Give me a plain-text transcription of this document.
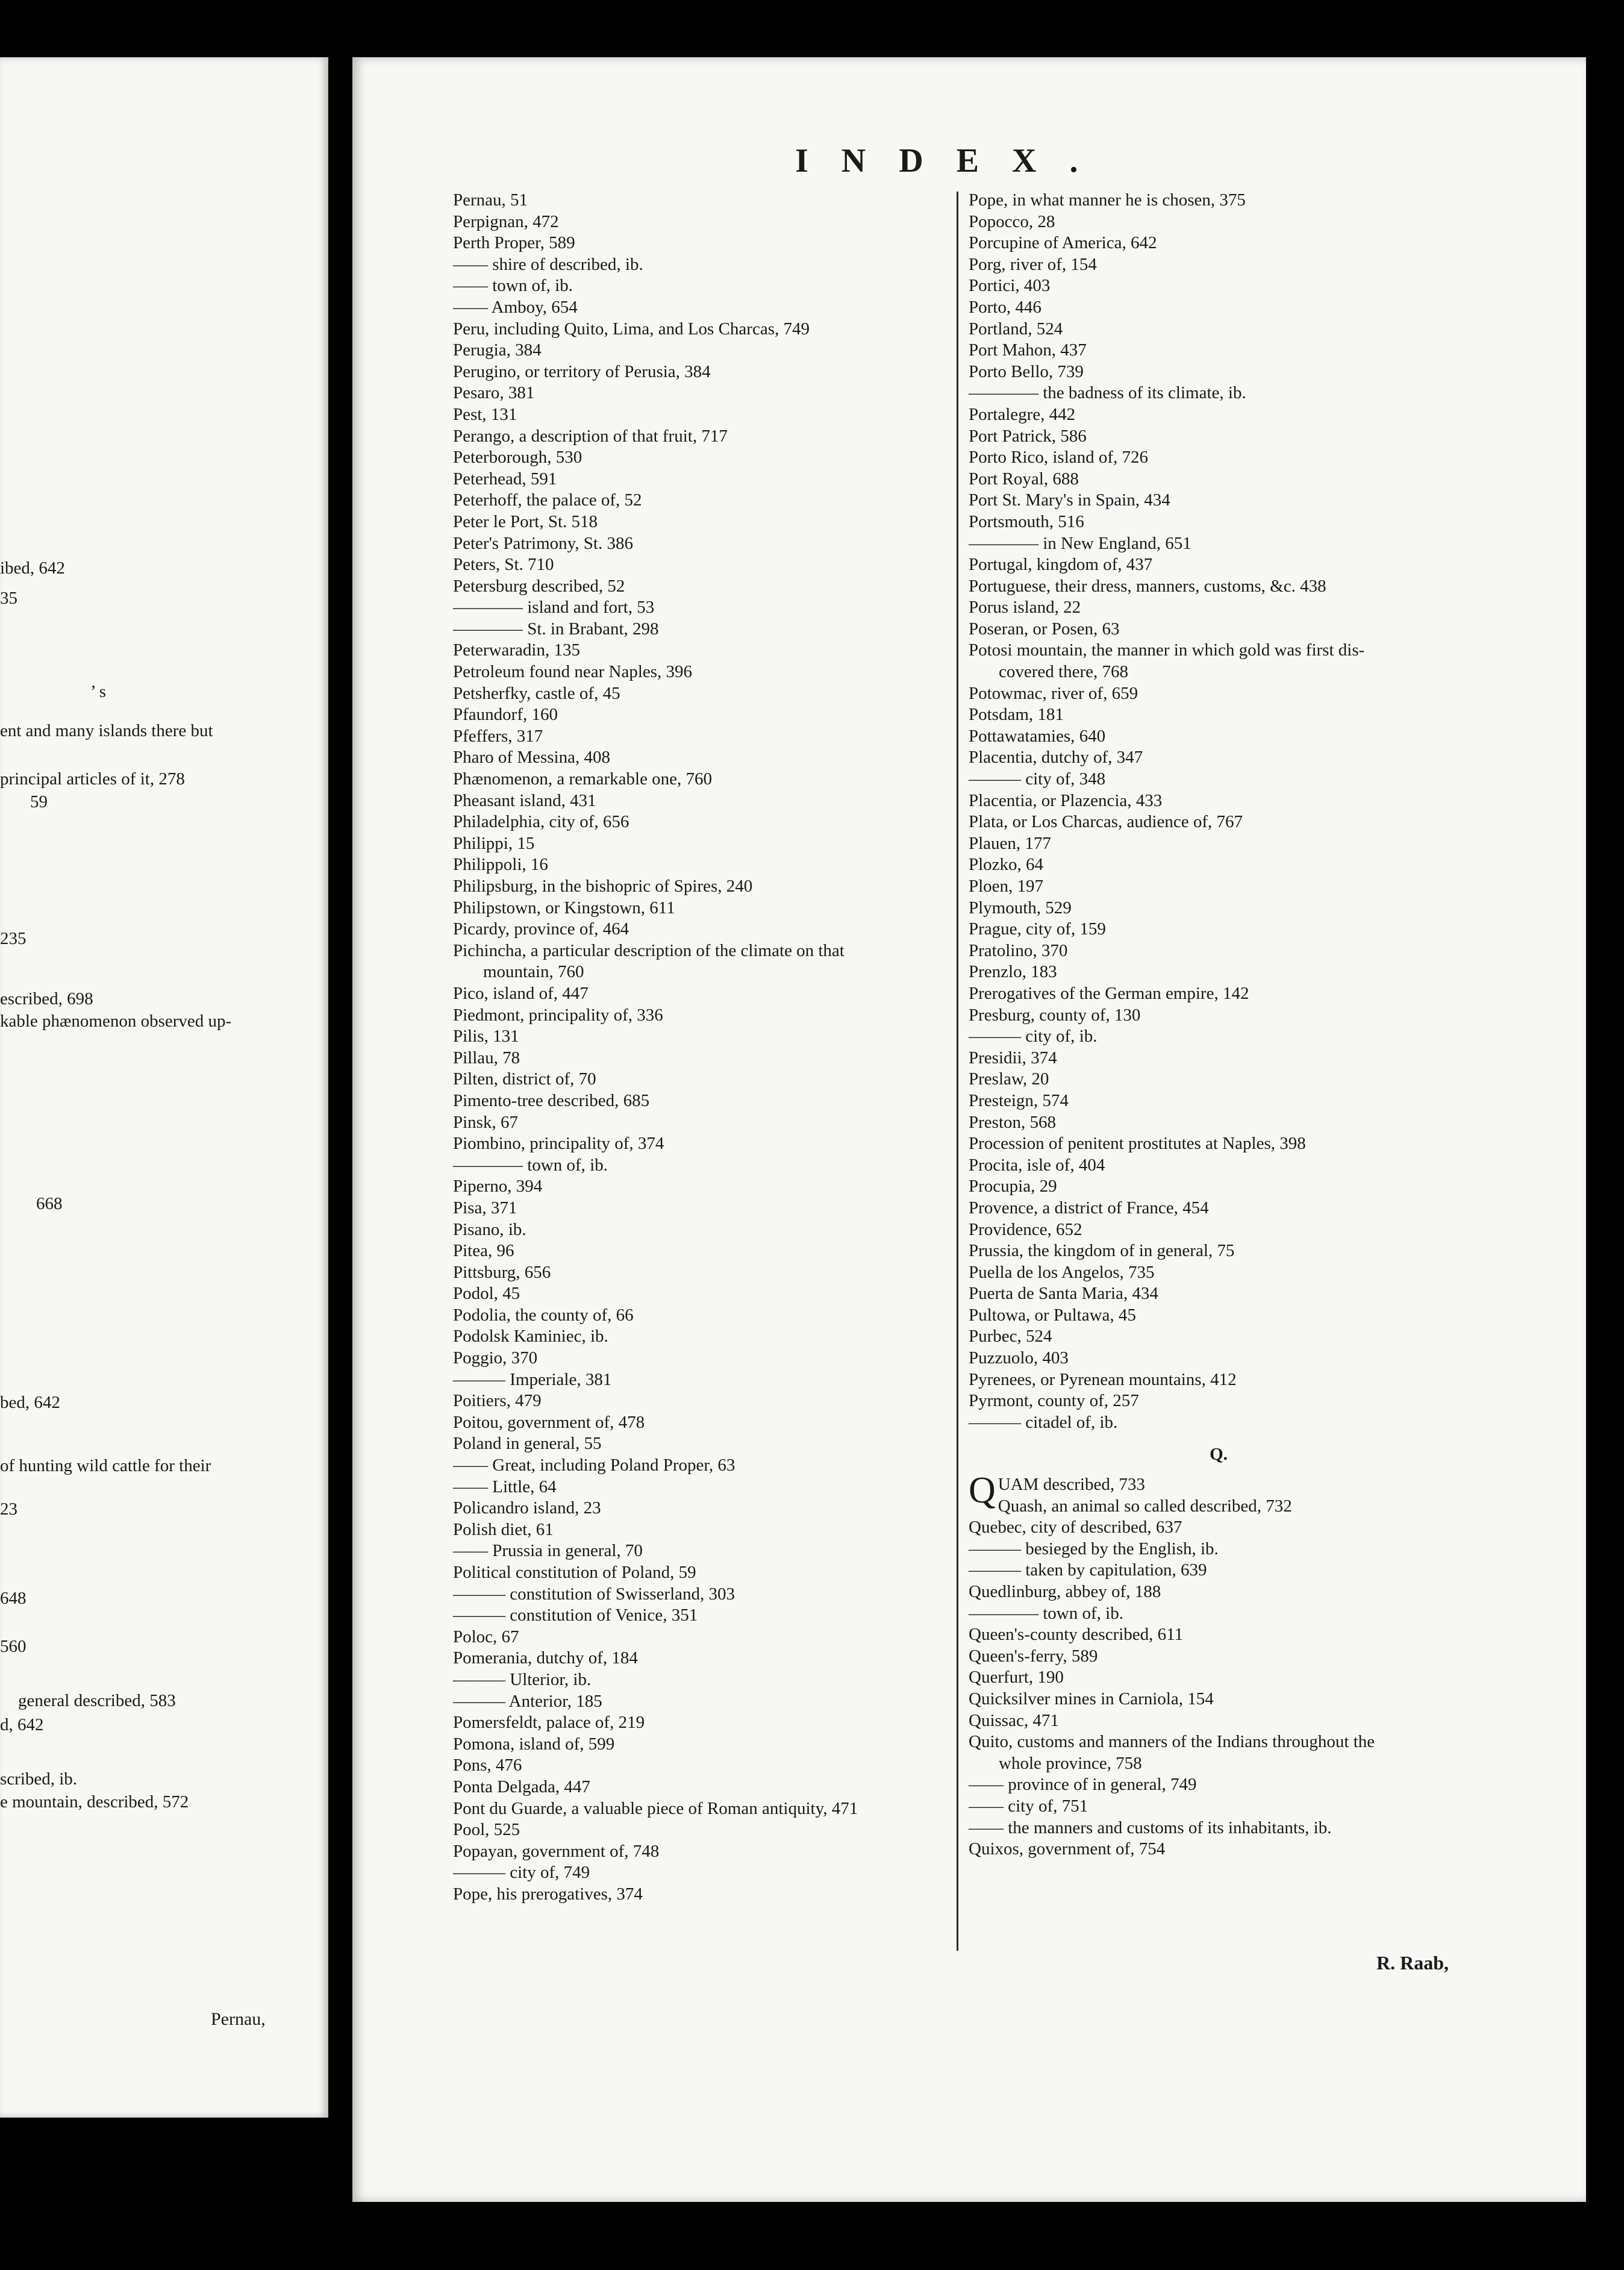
ibed, 642
35
’ s
ent and many islands there but
principal articles of it, 278
59
235
escribed, 698
kable phænomenon observed up-
668
bed, 642
of hunting wild cattle for their
23
648
560
general described, 583
d, 642
scribed, ib.
e mountain, described, 572
Pernau,
INDEX.
Pernau, 51
Perpignan, 472
Perth Proper, 589
—— shire of described, ib.
—— town of, ib.
—— Amboy, 654
Peru, including Quito, Lima, and Los Charcas, 749
Perugia, 384
Perugino, or territory of Perusia, 384
Pesaro, 381
Pest, 131
Perango, a description of that fruit, 717
Peterborough, 530
Peterhead, 591
Peterhoff, the palace of, 52
Peter le Port, St. 518
Peter's Patrimony, St. 386
Peters, St. 710
Petersburg described, 52
———— island and fort, 53
———— St. in Brabant, 298
Peterwaradin, 135
Petroleum found near Naples, 396
Petsherfky, castle of, 45
Pfaundorf, 160
Pfeffers, 317
Pharo of Messina, 408
Phænomenon, a remarkable one, 760
Pheasant island, 431
Philadelphia, city of, 656
Philippi, 15
Philippoli, 16
Philipsburg, in the bishopric of Spires, 240
Philipstown, or Kingstown, 611
Picardy, province of, 464
Pichincha, a particular description of the climate on that
mountain, 760
Pico, island of, 447
Piedmont, principality of, 336
Pilis, 131
Pillau, 78
Pilten, district of, 70
Pimento-tree described, 685
Pinsk, 67
Piombino, principality of, 374
———— town of, ib.
Piperno, 394
Pisa, 371
Pisano, ib.
Pitea, 96
Pittsburg, 656
Podol, 45
Podolia, the county of, 66
Podolsk Kaminiec, ib.
Poggio, 370
——— Imperiale, 381
Poitiers, 479
Poitou, government of, 478
Poland in general, 55
—— Great, including Poland Proper, 63
—— Little, 64
Policandro island, 23
Polish diet, 61
—— Prussia in general, 70
Political constitution of Poland, 59
——— constitution of Swisserland, 303
——— constitution of Venice, 351
Poloc, 67
Pomerania, dutchy of, 184
——— Ulterior, ib.
——— Anterior, 185
Pomersfeldt, palace of, 219
Pomona, island of, 599
Pons, 476
Ponta Delgada, 447
Pont du Guarde, a valuable piece of Roman antiquity, 471
Pool, 525
Popayan, government of, 748
——— city of, 749
Pope, his prerogatives, 374
Pope, in what manner he is chosen, 375
Popocco, 28
Porcupine of America, 642
Porg, river of, 154
Portici, 403
Porto, 446
Portland, 524
Port Mahon, 437
Porto Bello, 739
———— the badness of its climate, ib.
Portalegre, 442
Port Patrick, 586
Porto Rico, island of, 726
Port Royal, 688
Port St. Mary's in Spain, 434
Portsmouth, 516
———— in New England, 651
Portugal, kingdom of, 437
Portuguese, their dress, manners, customs, &c. 438
Porus island, 22
Poseran, or Posen, 63
Potosi mountain, the manner in which gold was first dis-
covered there, 768
Potowmac, river of, 659
Potsdam, 181
Pottawatamies, 640
Placentia, dutchy of, 347
——— city of, 348
Placentia, or Plazencia, 433
Plata, or Los Charcas, audience of, 767
Plauen, 177
Plozko, 64
Ploen, 197
Plymouth, 529
Prague, city of, 159
Pratolino, 370
Prenzlo, 183
Prerogatives of the German empire, 142
Presburg, county of, 130
——— city of, ib.
Presidii, 374
Preslaw, 20
Presteign, 574
Preston, 568
Procession of penitent prostitutes at Naples, 398
Procita, isle of, 404
Procupia, 29
Provence, a district of France, 454
Providence, 652
Prussia, the kingdom of in general, 75
Puella de los Angelos, 735
Puerta de Santa Maria, 434
Pultowa, or Pultawa, 45
Purbec, 524
Puzzuolo, 403
Pyrenees, or Pyrenean mountains, 412
Pyrmont, county of, 257
——— citadel of, ib.
Q.
QUAM described, 733
Quash, an animal so called described, 732
Quebec, city of described, 637
——— besieged by the English, ib.
——— taken by capitulation, 639
Quedlinburg, abbey of, 188
———— town of, ib.
Queen's-county described, 611
Queen's-ferry, 589
Querfurt, 190
Quicksilver mines in Carniola, 154
Quissac, 471
Quito, customs and manners of the Indians throughout the
whole province, 758
—— province of in general, 749
—— city of, 751
—— the manners and customs of its inhabitants, ib.
Quixos, government of, 754
R. Raab,
